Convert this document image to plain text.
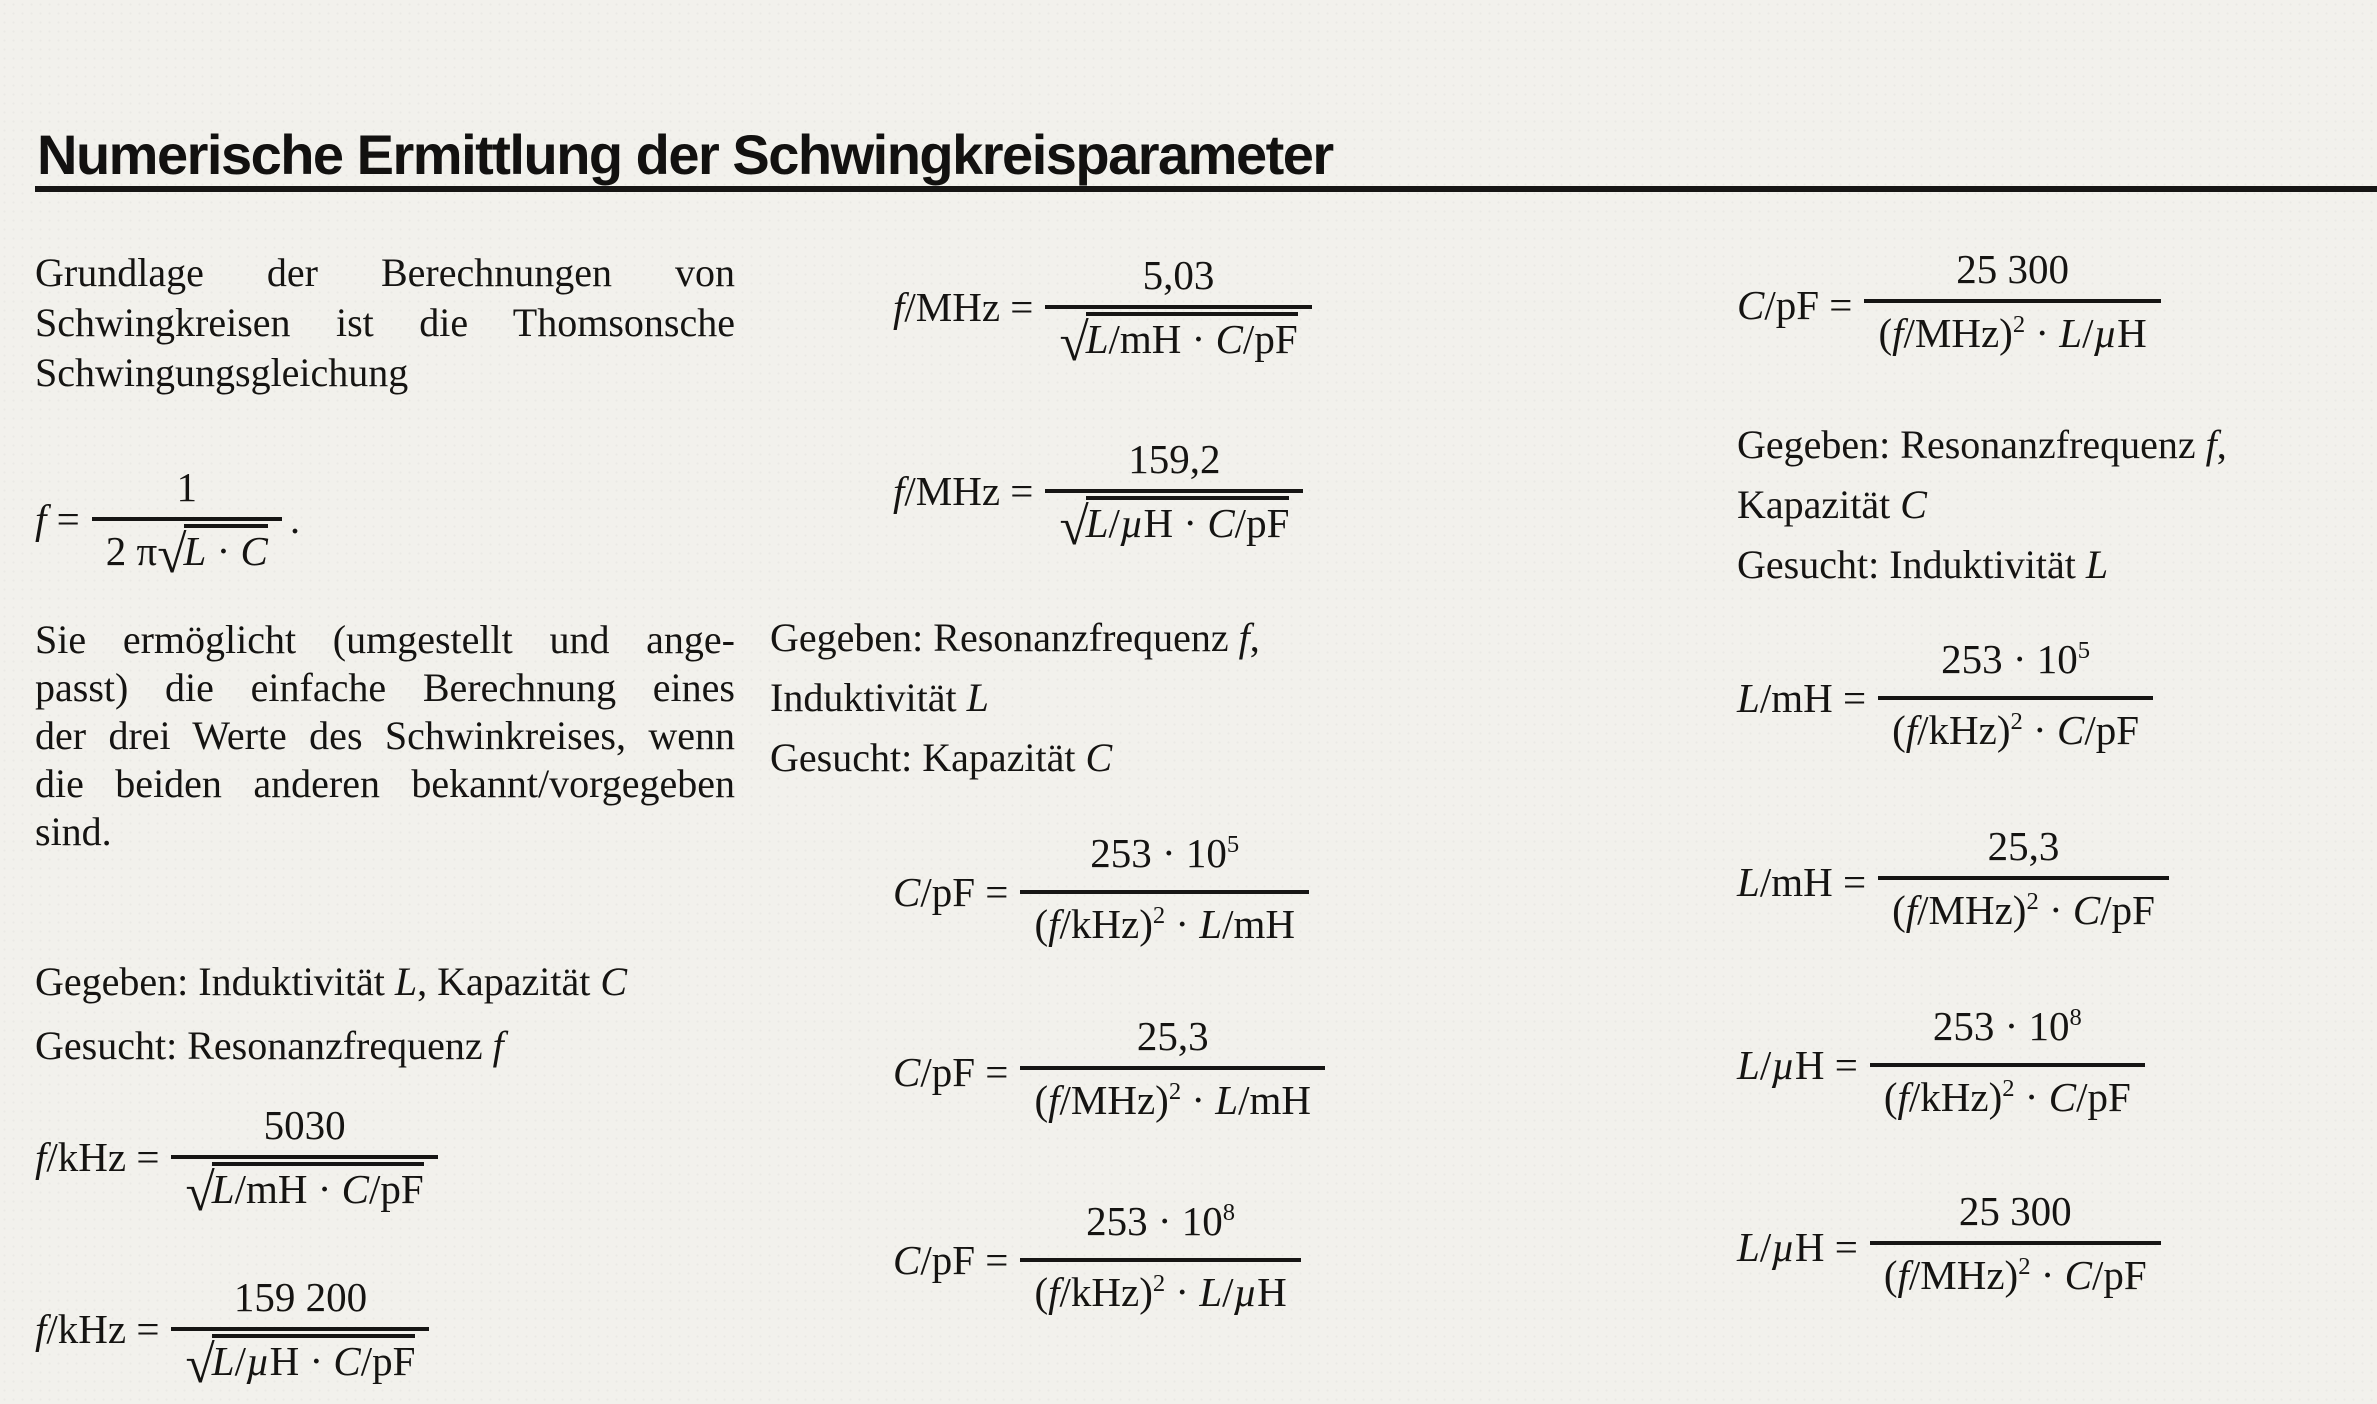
Numerische Ermittlung der Schwingkreisparameter
Grundlage der Berechnungen von
Schwingkreisen ist die Thomsonsche
Schwingungsgleichung
$f = \frac{1}{2 \pi√L \cdot C}$ .
Sie ermöglicht (umgestellt und ange-
passt) die einfache Berechnung eines
der drei Werte des Schwinkreises, wenn
die beiden anderen bekannt/vorgegeben
sind.
Gegeben: Induktivität L, Kapazität C
Gesucht: Resonanzfrequenz f
$f/kHz = \frac{5030}{√L/mH \cdot C/pF}$
$f/kHz = \frac{159 200}{\text{√L/µH · C/pF}}$
$f/MHz = \frac{5,03}{√L/mH \cdot C/pF}$
$f/MHz = \frac{159,2}{\text{√L/µH · C/pF}}$
Gegeben: Resonanzfrequenz f,
Induktivität L
Gesucht: Kapazität C
$C/pF = \frac{253 \cdot 10^5}{(f/kHz)^2 \cdot L/mH}$
$C/pF = \frac{25,3}{(f/MHz)^2 \cdot L/mH}$
$C/pF = \frac{253 \cdot 10^8}{(f/kHz)^2 \cdot L/\mu H}$
$C/pF = \frac{25 300}{(f/MHz)^2 \cdot L/\mu H}$
Gegeben: Resonanzfrequenz f,
Kapazität C
Gesucht: Induktivität L
$L/mH = \frac{253 \cdot 10^5}{(f/kHz)^2 \cdot C/pF}$
$L/mH = \frac{25,3}{(f/MHz)^2 \cdot C/pF}$
$L/\mu H = \frac{253 \cdot 10^8}{(f/kHz)^2 \cdot C/pF}$
$L/\mu H = \frac{25 300}{(f/MHz)^2 \cdot C/pF}$
